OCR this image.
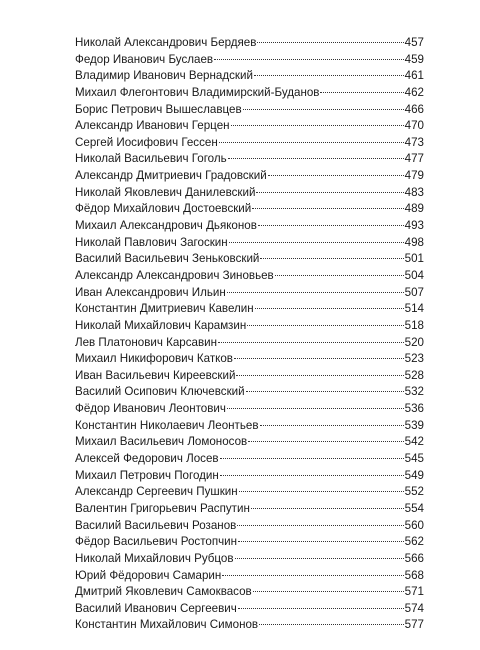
Николай Александрович Бердяев	457
Федор Иванович Буслаев	459
Владимир Иванович Вернадский	461
Михаил Флегонтович Владимирский-Буданов	462
Борис Петрович Вышеславцев	466
Александр Иванович Герцен	470
Сергей Иосифович Гессен	473
Николай Васильевич Гоголь	477
Александр Дмитриевич Градовский	479
Николай Яковлевич Данилевский	483
Фёдор Михайлович Достоевский	489
Михаил Александрович Дьяконов	493
Николай Павлович Загоскин	498
Василий Васильевич Зеньковский	501
Александр Александрович Зиновьев	504
Иван Александрович Ильин	507
Константин Дмитриевич Кавелин	514
Николай Михайлович Карамзин	518
Лев Платонович Карсавин	520
Михаил Никифорович Катков	523
Иван Васильевич Киреевский	528
Василий Осипович Ключевский	532
Фёдор Иванович Леонтович	536
Константин Николаевич Леонтьев	539
Михаил Васильевич Ломоносов	542
Алексей Федорович Лосев	545
Михаил Петрович Погодин	549
Александр Сергеевич Пушкин	552
Валентин Григорьевич Распутин	554
Василий Васильевич Розанов	560
Фёдор Васильевич Ростопчин	562
Николай Михайлович Рубцов	566
Юрий Фёдорович Самарин	568
Дмитрий Яковлевич Самоквасов	571
Василий Иванович Сергеевич	574
Константин Михайлович Симонов	577
